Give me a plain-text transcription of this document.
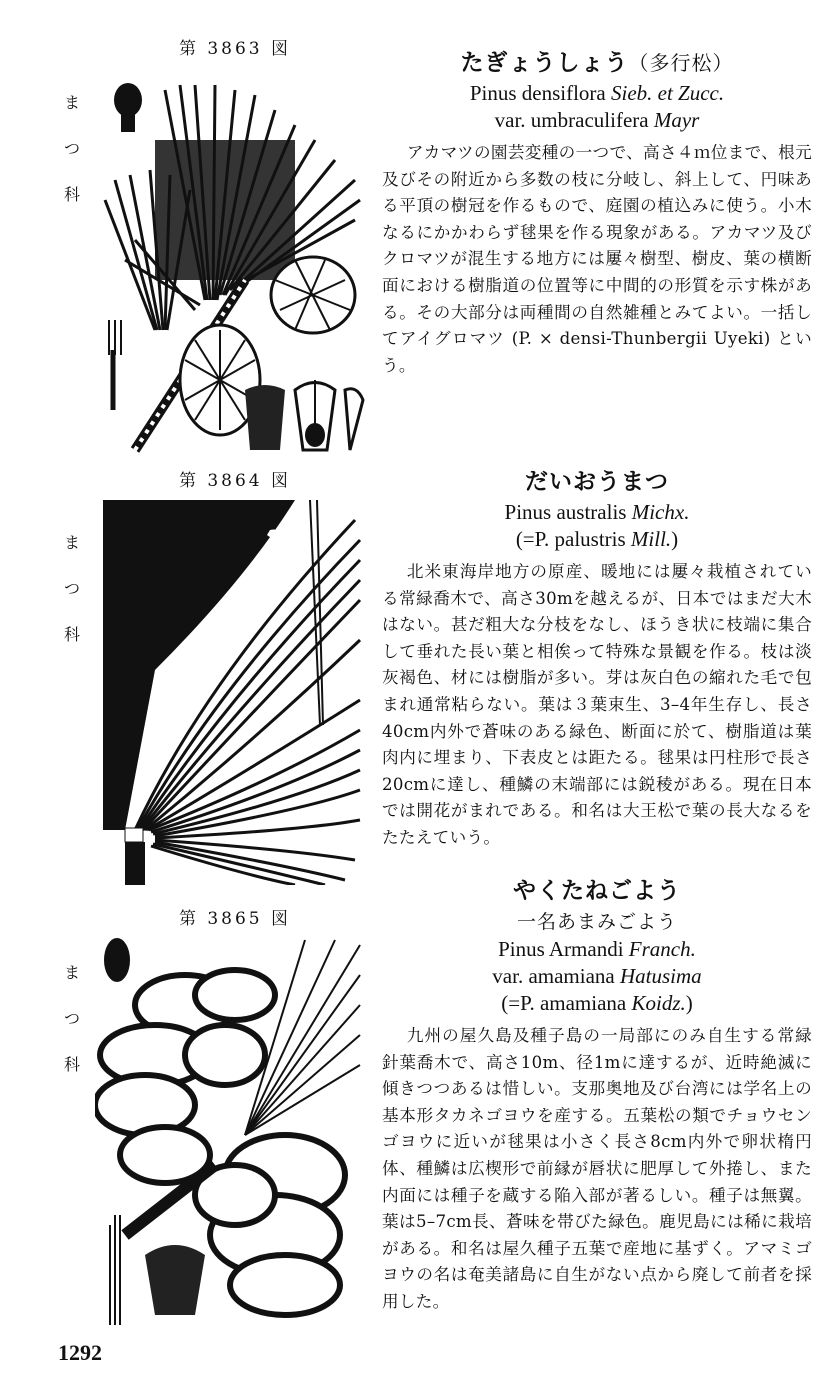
第 3863 図
ま
つ
科
たぎょうしょう（多行松）
Pinus densiflora Sieb. et Zucc.
var. umbraculifera Mayr
アカマツの園芸変種の一つで、高さ４ｍ位まで、根元及びその附近から多数の枝に分岐し、斜上して、円味ある平頂の樹冠を作るもので、庭園の植込みに使う。小木なるにかかわらず毬果を作る現象がある。アカマツ及びクロマツが混生する地方には屢々樹型、樹皮、葉の横断面における樹脂道の位置等に中間的の形質を示す株がある。その大部分は両種間の自然雑種とみてよい。一括してアイグロマツ (P. × densi-Thunbergii Uyeki) という。
第 3864 図
ま
つ
科
だいおうまつ
Pinus australis Michx.
(=P. palustris Mill.)
北米東海岸地方の原産、暖地には屢々栽植されている常緑喬木で、高さ30mを越えるが、日本ではまだ大木はない。甚だ粗大な分枝をなし、ほうき状に枝端に集合して垂れた長い葉と相俟って特殊な景観を作る。枝は淡灰褐色、材には樹脂が多い。芽は灰白色の縮れた毛で包まれ通常粘らない。葉は３葉束生、3–4年生存し、長さ40cm内外で蒼味のある緑色、断面に於て、樹脂道は葉肉内に埋まり、下表皮とは距たる。毬果は円柱形で長さ20cmに達し、種鱗の末端部には鋭稜がある。現在日本では開花がまれである。和名は大王松で葉の長大なるをたたえていう。
第 3865 図
ま
つ
科
やくたねごよう
一名あまみごよう
Pinus Armandi Franch.
var. amamiana Hatusima
(=P. amamiana Koidz.)
九州の屋久島及種子島の一局部にのみ自生する常緑針葉喬木で、高さ10m、径1mに達するが、近時絶滅に傾きつつあるは惜しい。支那奥地及び台湾には学名上の基本形タカネゴヨウを産する。五葉松の類でチョウセンゴヨウに近いが毬果は小さく長さ8cm内外で卵状楕円体、種鱗は広楔形で前縁が唇状に肥厚して外捲し、また内面には種子を蔵する陥入部が著るしい。種子は無翼。葉は5–7cm長、蒼味を帯びた緑色。鹿児島には稀に栽培がある。和名は屋久種子五葉で産地に基ずく。アマミゴヨウの名は奄美諸島に自生がない点から廃して前者を採用した。
1292
